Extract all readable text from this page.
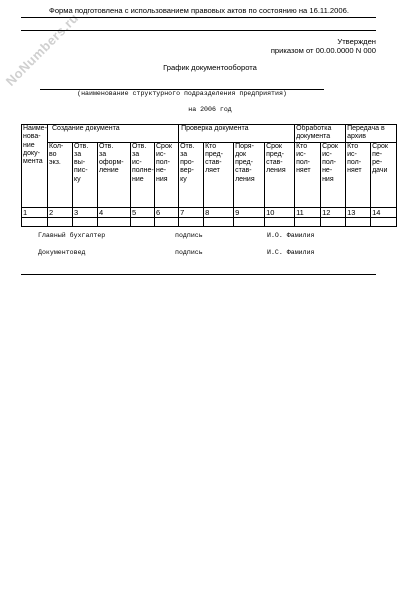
NoNumbers.ru
Форма подготовлена с использованием правовых актов по состоянию на 16.11.2006.
Утвержден
приказом от 00.00.0000 N 000
График документооборота
(наименование структурного подразделения предприятия)
на 2006 год
Наиме-
нова-
ние
доку-
мента	Создание документа					Проверка документа				Обработка документа		Передача в архив	
	Кол-
во
экз.	Отв.
за
вы-
пис-
ку	Отв.
за
оформ-
ление	Отв.
за
ис-
полне-
ние	Срок
ис-
пол-
не-
ния	Отв.
за
про-
вер-
ку	Кто
пред-
став-
ляет	Поря-
док
пред-
став-
ления	Срок
пред-
став-
ления	Кто
ис-
пол-
няет	Срок
ис-
пол-
не-
ния	Кто
ис-
пол-
няет	Срок
пе-
ре-
дачи
1	2	3	4	5	6	7	8	9	10	11	12	13	14

Главный бухгалтер	подпись	И.О. Фамилия
Документовед	подпись	И.С. Фамилия
